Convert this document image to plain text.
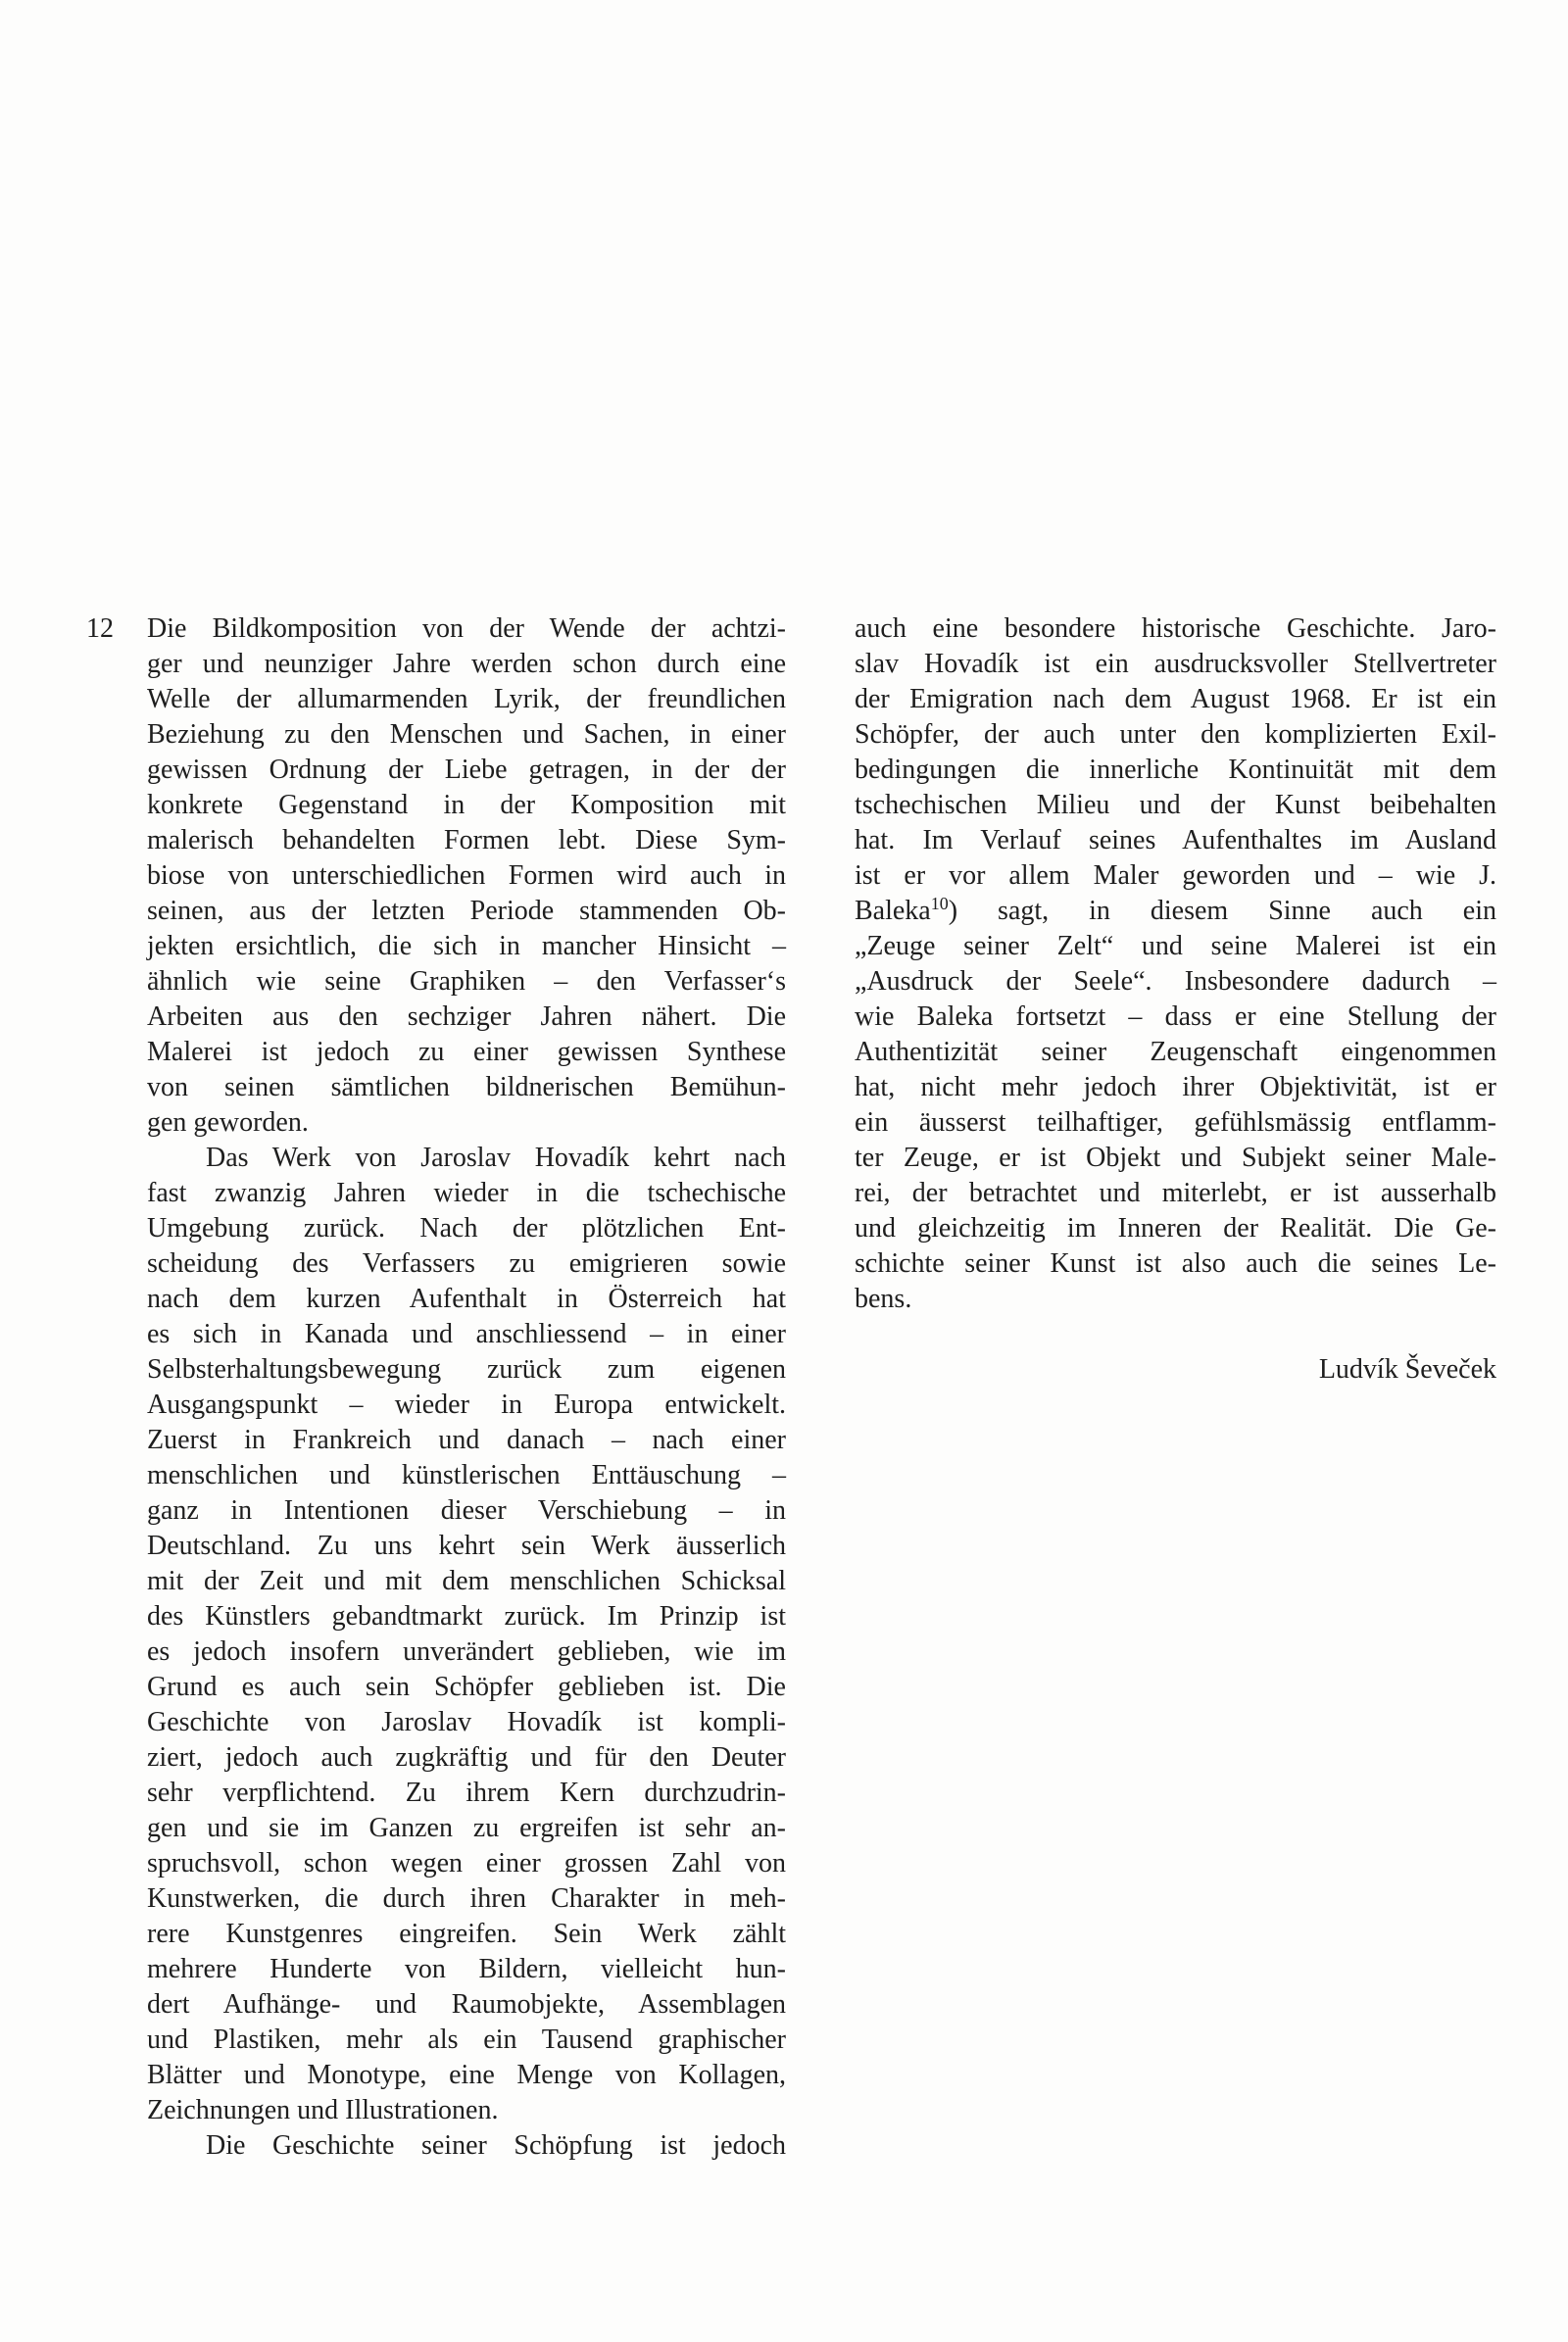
12 Die Bildkomposition von der Wende der achtzi-
ger und neunziger Jahre werden schon durch eine
Welle der allumarmenden Lyrik, der freundlichen
Beziehung zu den Menschen und Sachen, in einer
gewissen Ordnung der Liebe getragen, in der der
konkrete Gegenstand in der Komposition mit
malerisch behandelten Formen lebt. Diese Sym-
biose von unterschiedlichen Formen wird auch in
seinen, aus der letzten Periode stammenden Ob-
jekten ersichtlich, die sich in mancher Hinsicht –
ähnlich wie seine Graphiken – den Verfasser‘s
Arbeiten aus den sechziger Jahren nähert. Die
Malerei ist jedoch zu einer gewissen Synthese
von seinen sämtlichen bildnerischen Bemühun-
gen geworden.
Das Werk von Jaroslav Hovadík kehrt nach
fast zwanzig Jahren wieder in die tschechische
Umgebung zurück. Nach der plötzlichen Ent-
scheidung des Verfassers zu emigrieren sowie
nach dem kurzen Aufenthalt in Österreich hat
es sich in Kanada und anschliessend – in einer
Selbsterhaltungsbewegung zurück zum eigenen
Ausgangspunkt – wieder in Europa entwickelt.
Zuerst in Frankreich und danach – nach einer
menschlichen und künstlerischen Enttäuschung –
ganz in Intentionen dieser Verschiebung – in
Deutschland. Zu uns kehrt sein Werk äusserlich
mit der Zeit und mit dem menschlichen Schicksal
des Künstlers gebandtmarkt zurück. Im Prinzip ist
es jedoch insofern unverändert geblieben, wie im
Grund es auch sein Schöpfer geblieben ist. Die
Geschichte von Jaroslav Hovadík ist kompli-
ziert, jedoch auch zugkräftig und für den Deuter
sehr verpflichtend. Zu ihrem Kern durchzudrin-
gen und sie im Ganzen zu ergreifen ist sehr an-
spruchsvoll, schon wegen einer grossen Zahl von
Kunstwerken, die durch ihren Charakter in meh-
rere Kunstgenres eingreifen. Sein Werk zählt
mehrere Hunderte von Bildern, vielleicht hun-
dert Aufhänge- und Raumobjekte, Assemblagen
und Plastiken, mehr als ein Tausend graphischer
Blätter und Monotype, eine Menge von Kollagen,
Zeichnungen und Illustrationen.
Die Geschichte seiner Schöpfung ist jedoch
auch eine besondere historische Geschichte. Jaro-
slav Hovadík ist ein ausdrucksvoller Stellvertreter
der Emigration nach dem August 1968. Er ist ein
Schöpfer, der auch unter den komplizierten Exil-
bedingungen die innerliche Kontinuität mit dem
tschechischen Milieu und der Kunst beibehalten
hat. Im Verlauf seines Aufenthaltes im Ausland
ist er vor allem Maler geworden und – wie J.
Baleka$^{10}$) sagt, in diesem Sinne auch ein
„Zeuge seiner Zelt“ und seine Malerei ist ein
„Ausdruck der Seele“. Insbesondere dadurch –
wie Baleka fortsetzt – dass er eine Stellung der
Authentizität seiner Zeugenschaft eingenommen
hat, nicht mehr jedoch ihrer Objektivität, ist er
ein äusserst teilhaftiger, gefühlsmässig entflamm-
ter Zeuge, er ist Objekt und Subjekt seiner Male-
rei, der betrachtet und miterlebt, er ist ausserhalb
und gleichzeitig im Inneren der Realität. Die Ge-
schichte seiner Kunst ist also auch die seines Le-
bens.
Ludvík Ševeček
